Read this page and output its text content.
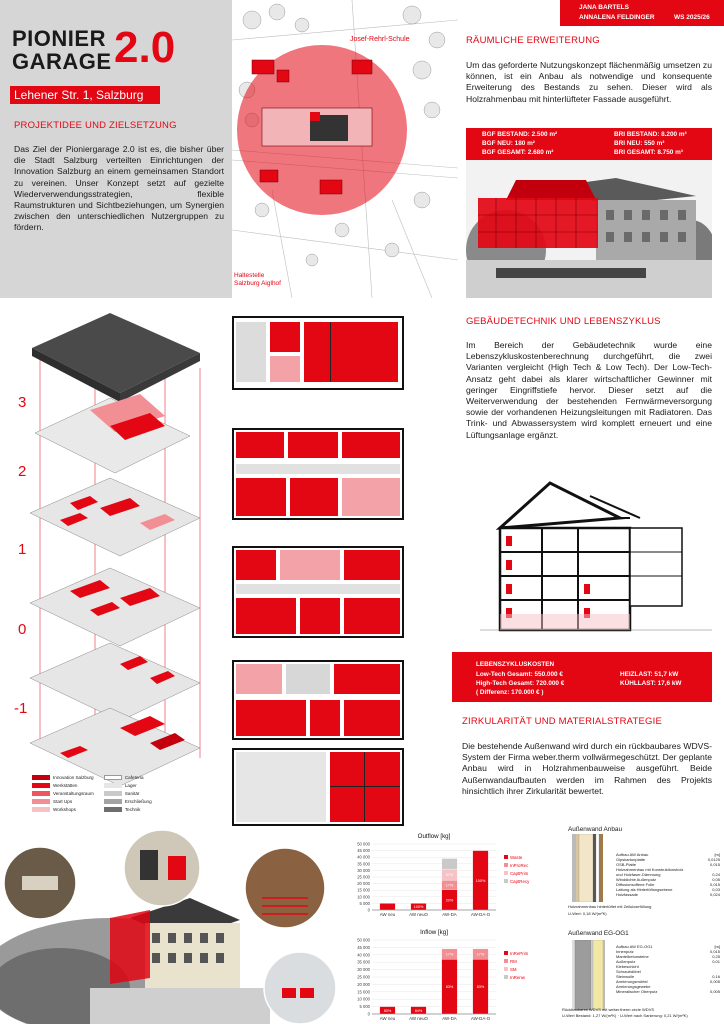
PIONIER
GARAGE 2.0
Lehener Str. 1, Salzburg
PROJEKTIDEE UND ZIELSETZUNG
Das Ziel der Pioniergarage 2.0 ist es, die bisher über die Stadt Salzburg verteilten Einrichtungen der Innovation Salzburg an einem gemeinsamen Standort zu vereinen. Unser Konzept setzt auf gezielte Wiederverwendungsstrategien, flexible Raumstrukturen und Sichtbeziehungen, um Synergien zwischen den unterschiedlichen Nutzergruppen zu fördern.
Josef-Rehrl-Schule
Haltestelle Salzburg Aiglhof
JANA BARTELS
ANNALENA FELDINGER	WS 2025/26
RÄUMLICHE ERWEITERUNG
Um das geforderte Nutzungskonzept flächenmäßig umsetzen zu können, ist ein Anbau als notwendige und konsequente Erweiterung des Bestands zu sehen. Dieser wird als Holzrahmenbau mit hinterlüfteter Fassade ausgeführt.
BGF BESTAND: 2.500 m²
BGF NEU: 180 m²
BGF GESAMT: 2.680 m²
BRI BESTAND: 8.200 m³
BRI NEU: 550 m³
BRI GESAMT: 8.750 m³
3
2
1
0
-1
Innovation Salzburg
Werkstätten
Veranstaltungsraum
Start Ups
Workshops
Cafeteria
Lager
Sanitär
Erschließung
Technik
GEBÄUDETECHNIK UND LEBENSZYKLUS
Im Bereich der Gebäudetechnik wurde eine Lebenszykluskostenberechnung durchgeführt, die zwei Varianten vergleicht (High Tech & Low Tech). Der Low-Tech-Ansatz geht dabei als klarer wirtschaftlicher Gewinner mit geringer Eingriffstiefe hervor. Dieser setzt auf die Weiterverwendung der bestehenden Fernwärmeversorgung sowie der vorhandenen Heizungsleitungen mit Radiatoren. Das Trink- und Abwassersystem wird komplett erneuert und eine Lüftungsanlage ergänzt.
LEBENSZYKLUSKOSTEN
Low-Tech Gesamt: 550.000 €
High-Tech Gesamt: 720.000 €
( Differenz: 170.000 € )
HEIZLAST: 51,7 kW
KÜHLLAST: 17,6 kW
ZIRKULARITÄT UND MATERIALSTRATEGIE
Die bestehende Außenwand wird durch ein rückbaubares WDVS-System der Firma weber.therm vollwärmegeschützt. Der geplante Anbau wird in Holzrahmenbauweise ausgeführt. Beide Außenwandaufbauten werden im Rahmen des Projekts hinsichtlich ihrer Zirkularität bewertet.
Outflow [kg]
50 000
45 000
40 000
35 000
30 000
25 000
20 000
15 000
10 000
5 000
0
AW neu
100%
AW neuO
20%
17%
57%
AW-DA
100%
AW-DA-O
Waste
InProRec
CaptPrim
CaptRecy
Inflow [kg]
50 000
45 000
40 000
35 000
30 000
25 000
20 000
15 000
10 000
5 000
0
80%
AW neu
84%
AW neuO
83%
17%
AW-DA
83%
17%
AW-DA-O
InRePrim
RM
SM
InRenw
Außenwand Anbau
Aufbau AW Anbau	[m]
Gipskartonplatte	0,0125
OSB-Platte	0,015
Holzrahmenbau mit Konstruktionsholz
und Holzfaser-Dämmung	0,24
Winddichte Außenputz	0,05
Diffusionsoffene Folie	0,015
Lattung als Hinterlüftungsebene	0,03
Holzfassade	0,024
Holzrahmenbau hinterlüftet mit Zellulosefüllung
U-Wert: 0,18 W/(m²K)
Außenwand EG-OG1
Aufbau AW EG-OG1	[m]
Innenputz	0,015
Mantelbetonsteine	0,25
Außenputz	0,01
Klebeschicht
Schraubdübel
Steinwolle	0,16
Armierungsmörtel	0,005
Armierungsgewebe
Mineralischer Oberputz	0,005
Rückbaubares WDVS mit weber.therm circle WDVS
U-Wert Bestand: 1,27 W/(m²K) · U-Wert nach Sanierung: 0,21 W/(m²K)
